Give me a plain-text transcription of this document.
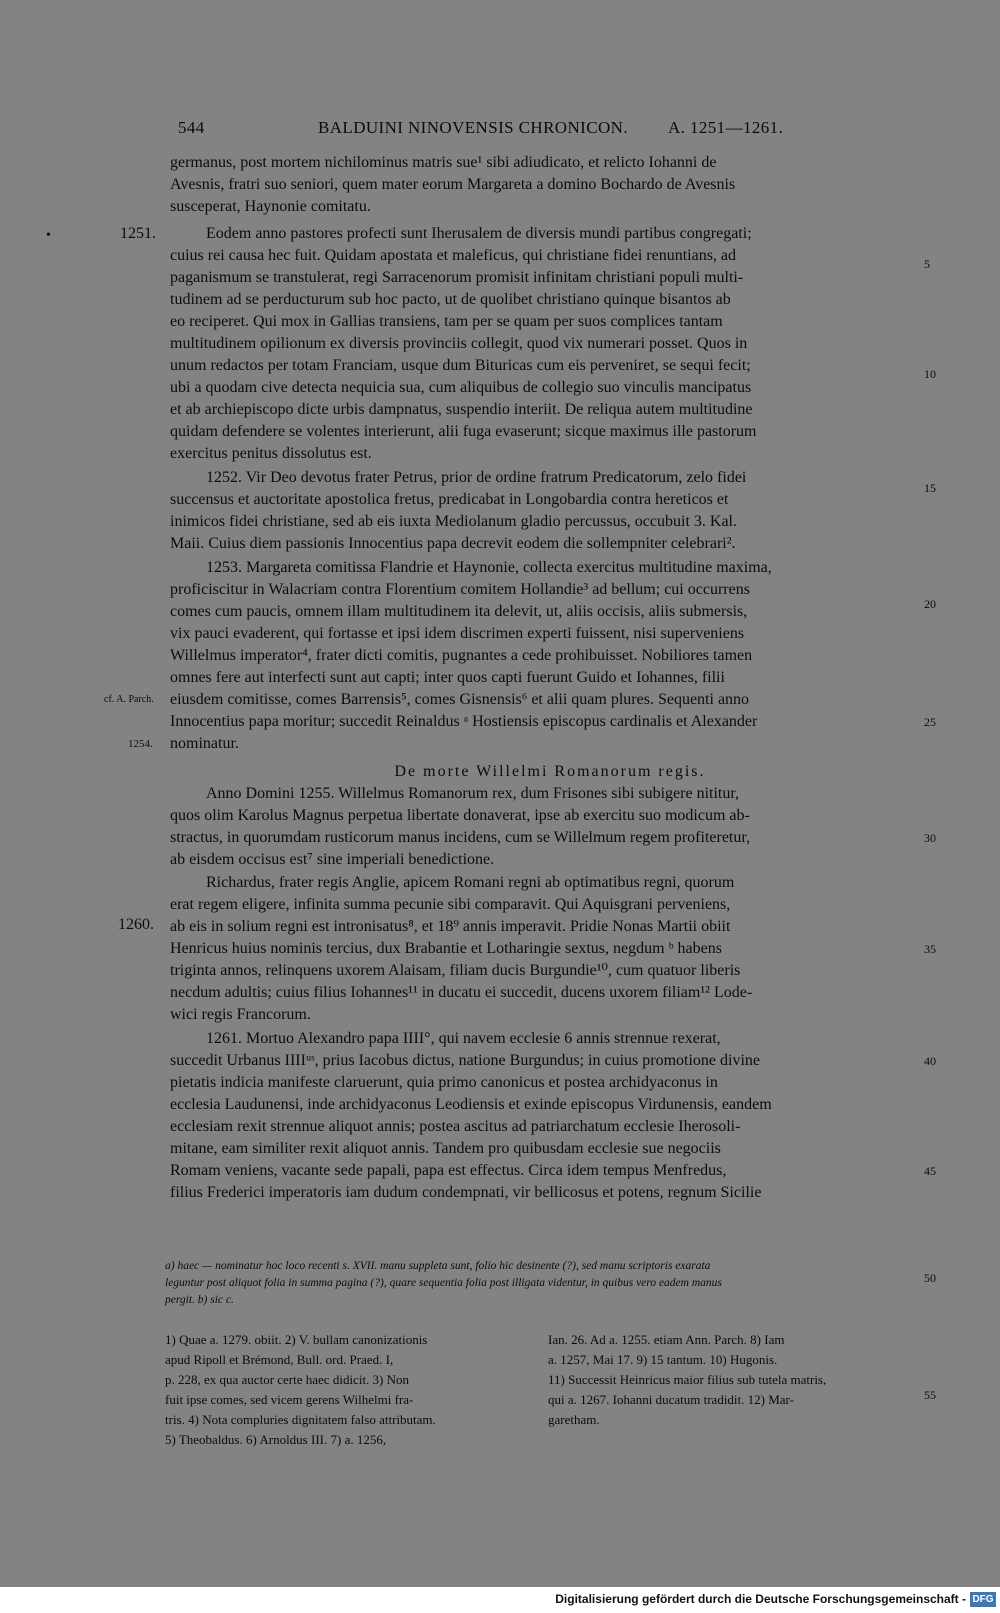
•
544	BALDUINI NINOVENSIS CHRONICON. A. 1251—1261.
germanus, post mortem nichilominus matris sue¹ sibi adiudicato, et relicto Iohanni de
Avesnis, fratri suo seniori, quem mater eorum Margareta a domino Bochardo de Avesnis
susceperat, Haynonie comitatu.
Eodem anno pastores profecti sunt Iherusalem de diversis mundi partibus congregati;
cuius rei causa hec fuit. Quidam apostata et maleficus, qui christiane fidei renuntians, ad
paganismum se transtulerat, regi Sarracenorum promisit infinitam christiani populi multi-
tudinem ad se perducturum sub hoc pacto, ut de quolibet christiano quinque bisantos ab
eo reciperet. Qui mox in Gallias transiens, tam per se quam per suos complices tantam
multitudinem opilionum ex diversis provinciis collegit, quod vix numerari posset. Quos in
unum redactos per totam Franciam, usque dum Bituricas cum eis perveniret, se sequi fecit;
ubi a quodam cive detecta nequicia sua, cum aliquibus de collegio suo vinculis mancipatus
et ab archiepiscopo dicte urbis dampnatus, suspendio interiit. De reliqua autem multitudine
quidam defendere se volentes interierunt, alii fuga evaserunt; sicque maximus ille pastorum
exercitus penitus dissolutus est.
1252. Vir Deo devotus frater Petrus, prior de ordine fratrum Predicatorum, zelo fidei
succensus et auctoritate apostolica fretus, predicabat in Longobardia contra hereticos et
inimicos fidei christiane, sed ab eis iuxta Mediolanum gladio percussus, occubuit 3. Kal.
Maii. Cuius diem passionis Innocentius papa decrevit eodem die sollempniter celebrari².
1253. Margareta comitissa Flandrie et Haynonie, collecta exercitus multitudine maxima,
proficiscitur in Walacriam contra Florentium comitem Hollandie³ ad bellum; cui occurrens
comes cum paucis, omnem illam multitudinem ita delevit, ut, aliis occisis, aliis submersis,
vix pauci evaderent, qui fortasse et ipsi idem discrimen experti fuissent, nisi superveniens
Willelmus imperator⁴, frater dicti comitis, pugnantes a cede prohibuisset. Nobiliores tamen
omnes fere aut interfecti sunt aut capti; inter quos capti fuerunt Guido et Iohannes, filii
eiusdem comitisse, comes Barrensis⁵, comes Gisnensis⁶ et alii quam plures. Sequenti anno
Innocentius papa moritur; succedit Reinaldus ᵃ Hostiensis episcopus cardinalis et Alexander
nominatur.
De morte Willelmi Romanorum regis.
Anno Domini 1255. Willelmus Romanorum rex, dum Frisones sibi subigere nititur,
quos olim Karolus Magnus perpetua libertate donaverat, ipse ab exercitu suo modicum ab-
stractus, in quorumdam rusticorum manus incidens, cum se Willelmum regem profiteretur,
ab eisdem occisus est⁷ sine imperiali benedictione.
Richardus, frater regis Anglie, apicem Romani regni ab optimatibus regni, quorum
erat regem eligere, infinita summa pecunie sibi comparavit. Qui Aquisgrani perveniens,
ab eis in solium regni est intronisatus⁸, et 18⁹ annis imperavit. Pridie Nonas Martii obiit
Henricus huius nominis tercius, dux Brabantie et Lotharingie sextus, negdum ᵇ habens
triginta annos, relinquens uxorem Alaisam, filiam ducis Burgundie¹⁰, cum quatuor liberis
necdum adultis; cuius filius Iohannes¹¹ in ducatu ei succedit, ducens uxorem filiam¹² Lode-
wici regis Francorum.
1261. Mortuo Alexandro papa IIII°, qui navem ecclesie 6 annis strennue rexerat,
succedit Urbanus IIIIᵘˢ, prius Iacobus dictus, natione Burgundus; in cuius promotione divine
pietatis indicia manifeste claruerunt, quia primo canonicus et postea archidyaconus in
ecclesia Laudunensi, inde archidyaconus Leodiensis et exinde episcopus Virdunensis, eandem
ecclesiam rexit strennue aliquot annis; postea ascitus ad patriarchatum ecclesie Iherosoli-
mitane, eam similiter rexit aliquot annis. Tandem pro quibusdam ecclesie sue negociis
Romam veniens, vacante sede papali, papa est effectus. Circa idem tempus Menfredus,
filius Frederici imperatoris iam dudum condempnati, vir bellicosus et potens, regnum Sicilie
1251.
cf. A. Parch.
1254.
1260.
5
10
15
20
25
30
35
40
45
50
55
a) haec — nominatur hoc loco recenti s. XVII. manu suppleta sunt, folio hic desinente (?), sed manu scriptoris exarata
leguntur post aliquot folia in summa pagina (?), quare sequentia folia post illigata videntur, in quibus vero eadem manus
pergit. b) sic c.
1) Quae a. 1279. obiit. 2) V. bullam canonizationis
apud Ripoll et Brémond, Bull. ord. Praed. I,
p. 228, ex qua auctor certe haec didicit. 3) Non
fuit ipse comes, sed vicem gerens Wilhelmi fra-
tris. 4) Nota compluries dignitatem falso attributam.
5) Theobaldus. 6) Arnoldus III. 7) a. 1256,
Ian. 26. Ad a. 1255. etiam Ann. Parch. 8) Iam
a. 1257, Mai 17. 9) 15 tantum. 10) Hugonis.
11) Successit Heinricus maior filius sub tutela matris,
qui a. 1267. Iohanni ducatum tradidit. 12) Mar-
garetham.
Digitalisierung gefördert durch die Deutsche Forschungsgemeinschaft - DFG
